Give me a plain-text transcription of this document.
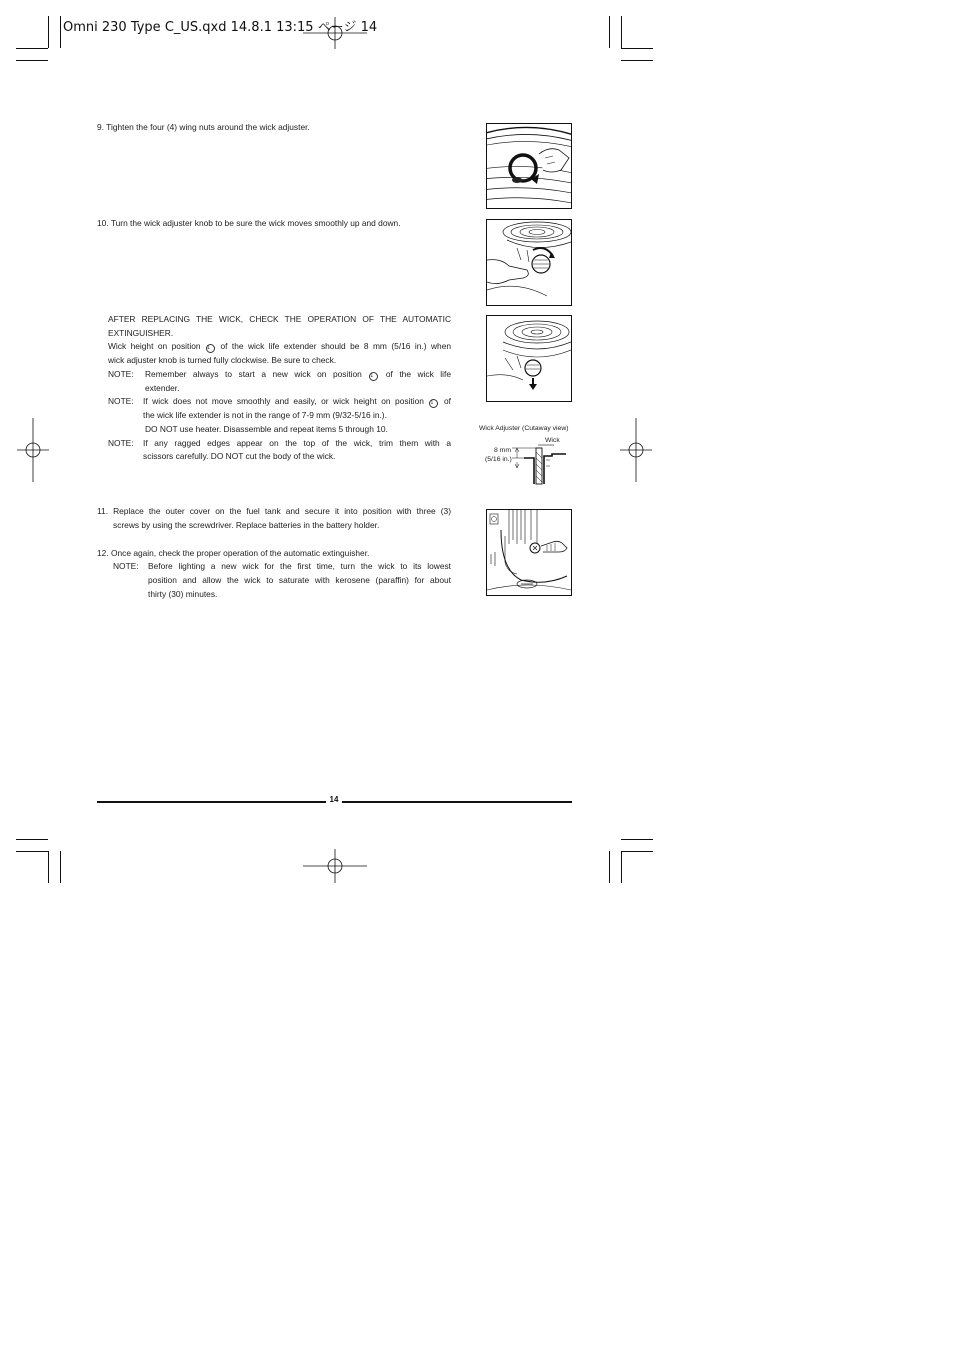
Omni 230 Type C_US.qxd 14.8.1 13:15 ページ 14
9. Tighten the four (4) wing nuts around the wick adjuster.
10. Turn the wick adjuster knob to be sure the wick moves smoothly up and down.
AFTER REPLACING THE WICK, CHECK THE OPERATION OF THE AUTOMATIC
EXTINGUISHER.
Wick height on position 1 of the wick life extender should be 8 mm (5/16 in.) when
wick adjuster knob is turned fully clockwise. Be sure to check.
NOTE: Remember always to start a new wick on position 1 of the wick life
extender.
NOTE: If wick does not move smoothly and easily, or wick height on position 1 of
the wick life extender is not in the range of 7-9 mm (9/32-5/16 in.).
DO NOT use heater. Disassemble and repeat items 5 through 10.
NOTE: If any ragged edges appear on the top of the wick, trim them with a
scissors carefully. DO NOT cut the body of the wick.
11. Replace the outer cover on the fuel tank and secure it into position with three (3)
screws by using the screwdriver. Replace batteries in the battery holder.
12. Once again, check the proper operation of the automatic extinguisher.
NOTE: Before lighting a new wick for the first time, turn the wick to its lowest
position and allow the wick to saturate with kerosene (paraffin) for about
thirty (30) minutes.
Wick Adjuster (Cutaway view)
Wick
8 mm
(5/16 in.)
14
